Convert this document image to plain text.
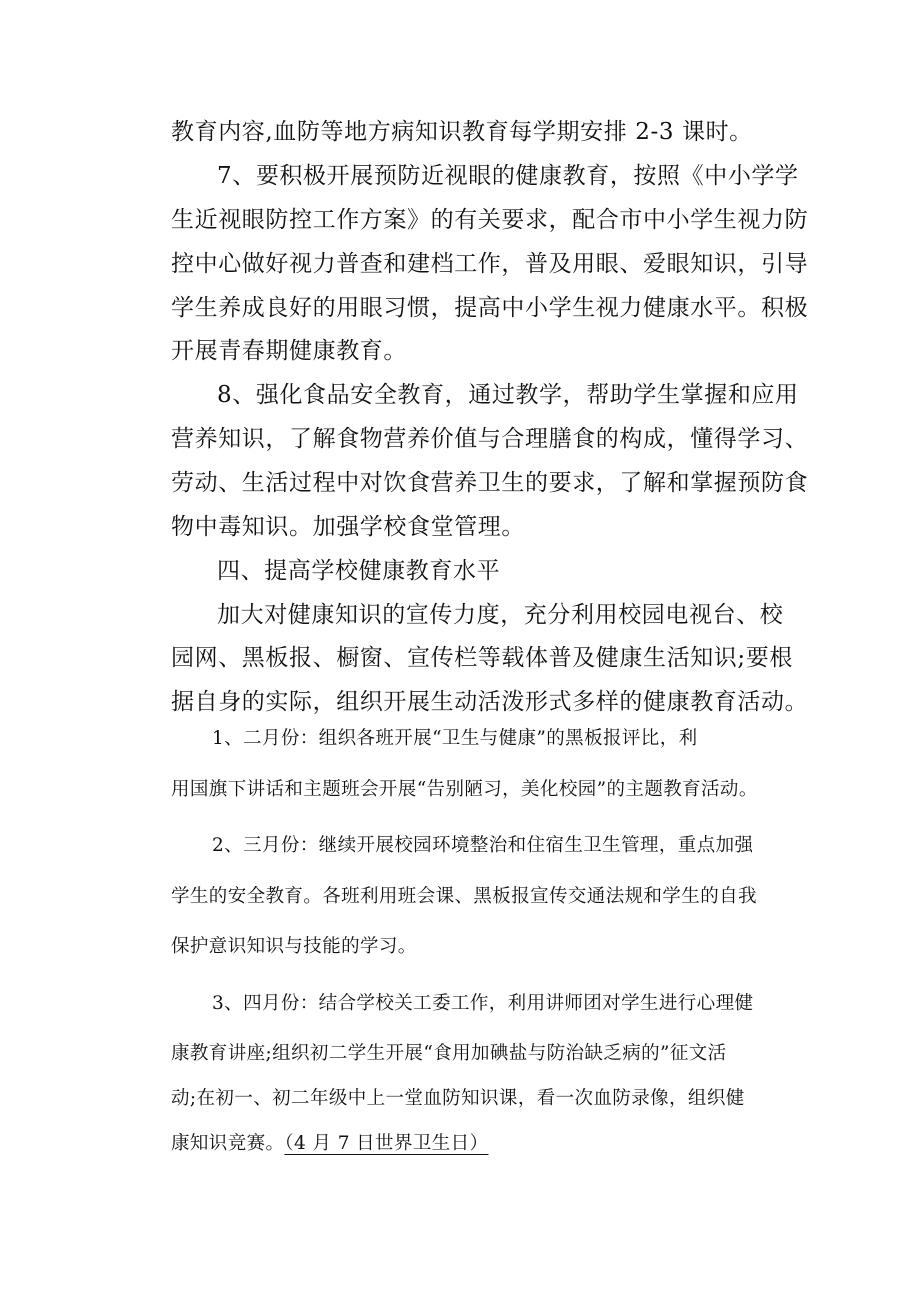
教育内容,血防等地方病知识教育每学期安排 2-3 课时。
7、要积极开展预防近视眼的健康教育，按照《中小学学
生近视眼防控工作方案》的有关要求，配合市中小学生视力防
控中心做好视力普查和建档工作，普及用眼、爱眼知识，引导
学生养成良好的用眼习惯，提高中小学生视力健康水平。积极
开展青春期健康教育。
8、强化食品安全教育，通过教学，帮助学生掌握和应用
营养知识，了解食物营养价值与合理膳食的构成，懂得学习、
劳动、生活过程中对饮食营养卫生的要求，了解和掌握预防食
物中毒知识。加强学校食堂管理。
四、提高学校健康教育水平
加大对健康知识的宣传力度，充分利用校园电视台、校
园网、黑板报、橱窗、宣传栏等载体普及健康生活知识;要根
据自身的实际，组织开展生动活泼形式多样的健康教育活动。
1、二月份：组织各班开展“卫生与健康”的黑板报评比，利
用国旗下讲话和主题班会开展“告别陋习，美化校园”的主题教育活动。
2、三月份：继续开展校园环境整治和住宿生卫生管理，重点加强
学生的安全教育。各班利用班会课、黑板报宣传交通法规和学生的自我
保护意识知识与技能的学习。
3、四月份：结合学校关工委工作，利用讲师团对学生进行心理健
康教育讲座;组织初二学生开展“食用加碘盐与防治缺乏病的”征文活
动;在初一、初二年级中上一堂血防知识课，看一次血防录像，组织健
康知识竞赛。（4 月 7 日世界卫生日）
